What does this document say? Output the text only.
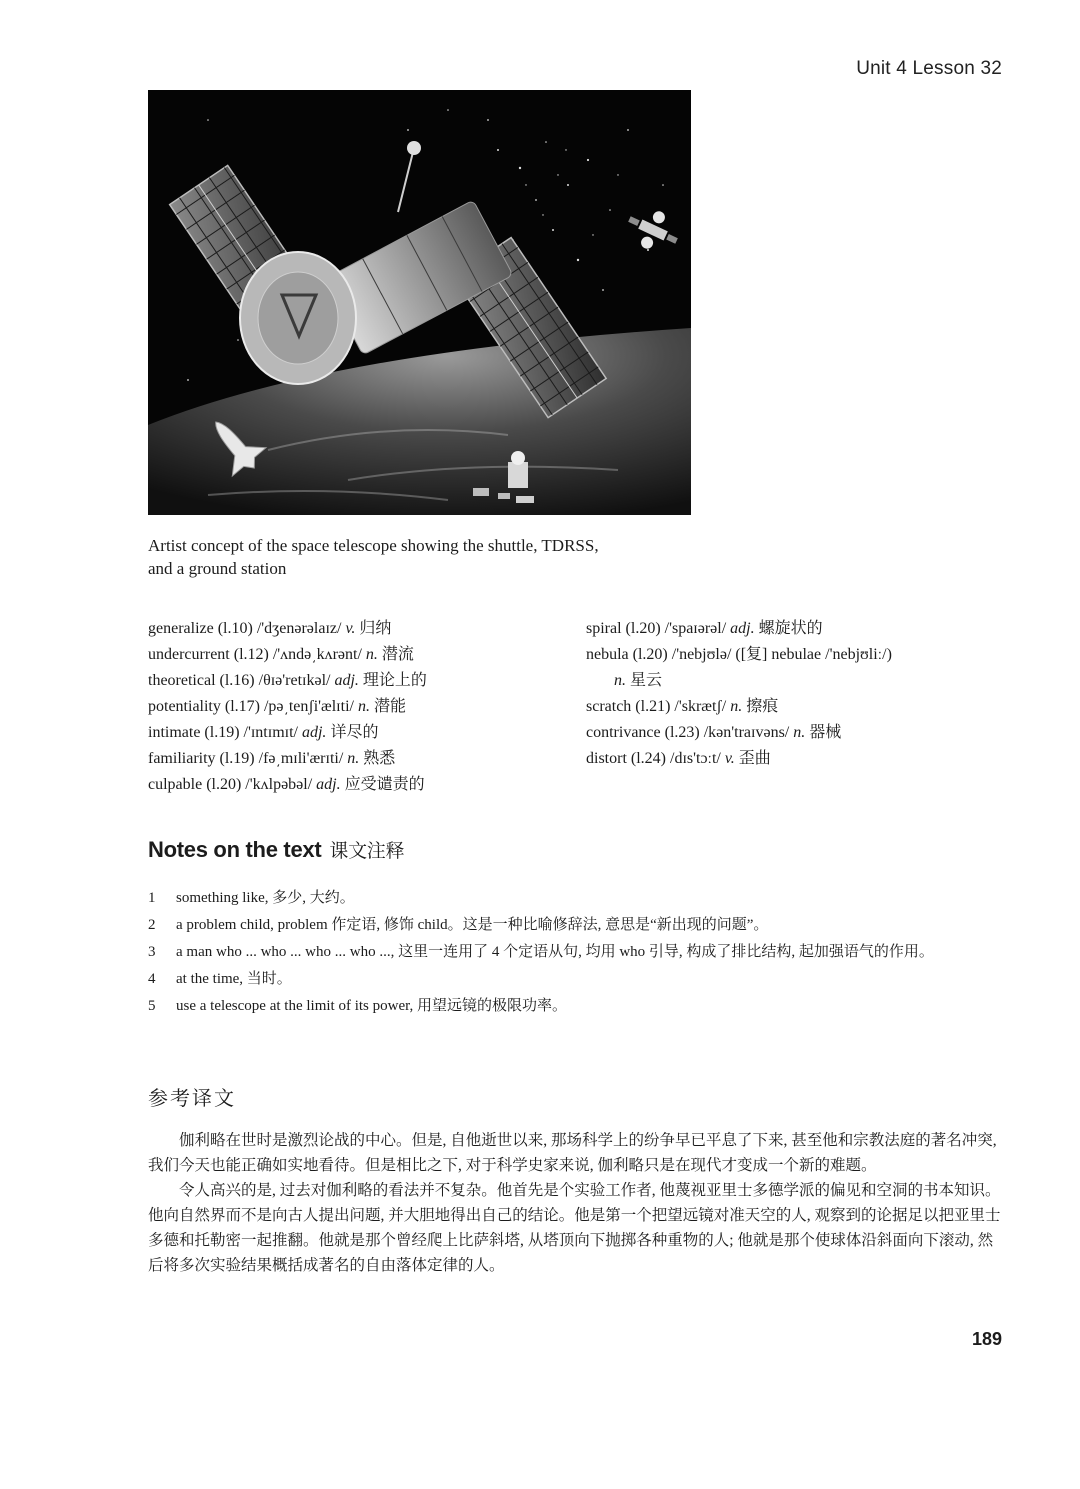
Unit 4 Lesson 32
Artist concept of the space telescope showing the shuttle, TDRSS,
and a ground station
generalize (l.10) /'dʒenərəlaɪz/ v. 归纳
undercurrent (l.12) /'ʌndə͵kʌrənt/ n. 潜流
theoretical (l.16) /θɪə'retɪkəl/ adj. 理论上的
potentiality (l.17) /pə͵tenʃi'ælɪti/ n. 潜能
intimate (l.19) /'ɪntɪmɪt/ adj. 详尽的
familiarity (l.19) /fə͵mɪli'ærɪti/ n. 熟悉
culpable (l.20) /'kʌlpəbəl/ adj. 应受谴责的
spiral (l.20) /'spaɪərəl/ adj. 螺旋状的
nebula (l.20) /'nebjʊlə/ ([复] nebulae /'nebjʊliː/)
n. 星云
scratch (l.21) /'skrætʃ/ n. 擦痕
contrivance (l.23) /kən'traɪvəns/ n. 器械
distort (l.24) /dɪs'tɔːt/ v. 歪曲
Notes on the text 课文注释
1	something like, 多少, 大约。
2	a problem child, problem 作定语, 修饰 child。这是一种比喻修辞法, 意思是“新出现的问题”。
3	a man who ... who ... who ... who ..., 这里一连用了 4 个定语从句, 均用 who 引导, 构成了排比结构, 起加强语气的作用。
4	at the time, 当时。
5	use a telescope at the limit of its power, 用望远镜的极限功率。
参考译文

伽利略在世时是激烈论战的中心。但是, 自他逝世以来, 那场科学上的纷争早已平息了下来, 甚至他和宗教法庭的著名冲突, 我们今天也能正确如实地看待。但是相比之下, 对于科学史家来说, 伽利略只是在现代才变成一个新的难题。

令人高兴的是, 过去对伽利略的看法并不复杂。他首先是个实验工作者, 他蔑视亚里士多德学派的偏见和空洞的书本知识。他向自然界而不是向古人提出问题, 并大胆地得出自己的结论。他是第一个把望远镜对准天空的人, 观察到的论据足以把亚里士多德和托勒密一起推翻。他就是那个曾经爬上比萨斜塔, 从塔顶向下抛掷各种重物的人; 他就是那个使球体沿斜面向下滚动, 然后将多次实验结果概括成著名的自由落体定律的人。

189
